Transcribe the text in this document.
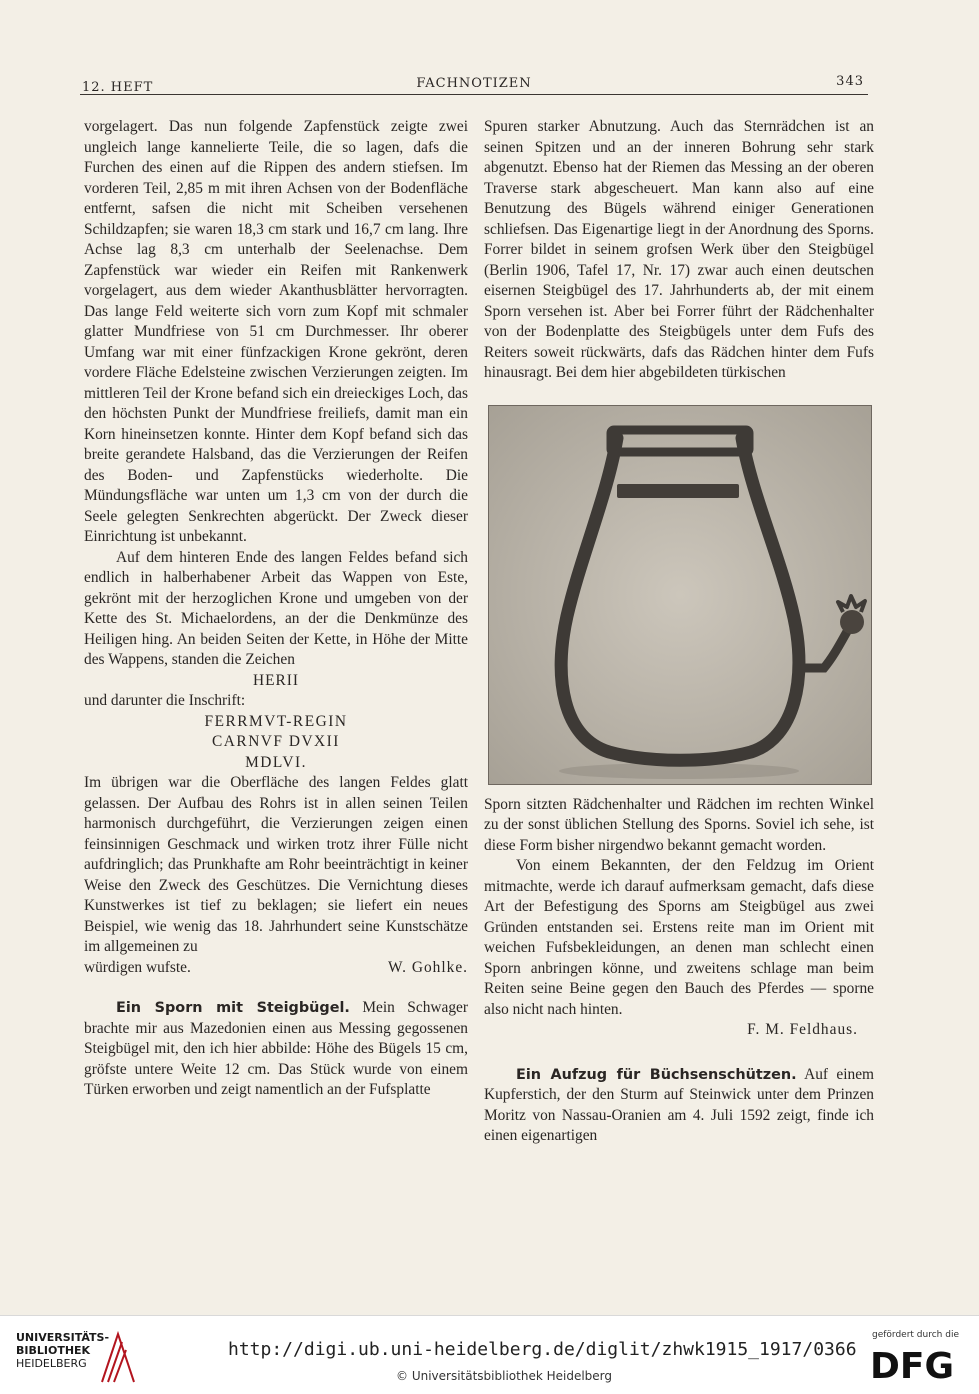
12. HEFT	FACHNOTIZEN	343

vorgelagert. Das nun folgende Zapfenstück zeigte zwei ungleich lange kannelierte Teile, die so lagen, dafs die Furchen des einen auf die Rippen des andern stiefsen. Im vorderen Teil, 2,85 m mit ihren Achsen von der Bodenfläche entfernt, safsen die nicht mit Scheiben versehenen Schildzapfen; sie waren 18,3 cm stark und 16,7 cm lang. Ihre Achse lag 8,3 cm unterhalb der Seelenachse. Dem Zapfenstück war wieder ein Reifen mit Rankenwerk vorgelagert, aus dem wieder Akanthusblätter hervorragten. Das lange Feld weiterte sich vorn zum Kopf mit schmaler glatter Mundfriese von 51 cm Durchmesser. Ihr oberer Umfang war mit einer fünfzackigen Krone gekrönt, deren vordere Fläche Edelsteine zwischen Verzierungen zeigten. Im mittleren Teil der Krone befand sich ein dreieckiges Loch, das den höchsten Punkt der Mundfriese freiliefs, damit man ein Korn hineinsetzen konnte. Hinter dem Kopf befand sich das breite gerandete Halsband, das die Verzierungen der Reifen des Boden- und Zapfenstücks wiederholte. Die Mündungsfläche war unten um 1,3 cm von der durch die Seele gelegten Senkrechten abgerückt. Der Zweck dieser Einrichtung ist unbekannt.

Auf dem hinteren Ende des langen Feldes befand sich endlich in halberhabener Arbeit das Wappen von Este, gekrönt mit der herzoglichen Krone und umgeben von der Kette des St. Michaelordens, an der die Denkmünze des Heiligen hing. An beiden Seiten der Kette, in Höhe der Mitte des Wappens, standen die Zeichen

HERII

und darunter die Inschrift:

FERRMVT-REGIN

CARNVF DVXII

MDLVI.

Im übrigen war die Oberfläche des langen Feldes glatt gelassen. Der Aufbau des Rohrs ist in allen seinen Teilen harmonisch durchgeführt, die Verzierungen zeigen einen feinsinnigen Geschmack und wirken trotz ihrer Fülle nicht aufdringlich; das Prunkhafte am Rohr beeinträchtigt in keiner Weise den Zweck des Geschützes. Die Vernichtung dieses Kunstwerkes ist tief zu beklagen; sie liefert ein neues Beispiel, wie wenig das 18. Jahrhundert seine Kunstschätze im allgemeinen zu

würdigen wufste.	W. Gohlke.

Ein Sporn mit Steigbügel. Mein Schwager brachte mir aus Mazedonien einen aus Messing gegossenen Steigbügel mit, den ich hier abbilde: Höhe des Bügels 15 cm, gröfste untere Weite 12 cm. Das Stück wurde von einem Türken erworben und zeigt namentlich an der Fufsplatte

Spuren starker Abnutzung. Auch das Sternrädchen ist an seinen Spitzen und an der inneren Bohrung sehr stark abgenutzt. Ebenso hat der Riemen das Messing an der oberen Traverse stark abgescheuert. Man kann also auf eine Benutzung des Bügels während einiger Generationen schliefsen. Das Eigenartige liegt in der Anordnung des Sporns. Forrer bildet in seinem grofsen Werk über den Steigbügel (Berlin 1906, Tafel 17, Nr. 17) zwar auch einen deutschen eisernen Steigbügel des 17. Jahrhunderts ab, der mit einem Sporn versehen ist. Aber bei Forrer führt der Rädchenhalter von der Bodenplatte des Steigbügels unter dem Fufs des Reiters soweit rückwärts, dafs das Rädchen hinter dem Fufs hinausragt. Bei dem hier abgebildeten türkischen

Sporn sitzten Rädchenhalter und Rädchen im rechten Winkel zu der sonst üblichen Stellung des Sporns. Soviel ich sehe, ist diese Form bisher nirgendwo bekannt gemacht worden.

Von einem Bekannten, der den Feldzug im Orient mitmachte, werde ich darauf aufmerksam gemacht, dafs diese Art der Befestigung des Sporns am Steigbügel aus zwei Gründen entstanden sei. Erstens reite man im Orient mit weichen Fufsbekleidungen, an denen man schlecht einen Sporn anbringen könne, und zweitens schlage man beim Reiten seine Beine gegen den Bauch des Pferdes — sporne also nicht nach hinten.

F. M. Feldhaus.

Ein Aufzug für Büchsenschützen. Auf einem Kupferstich, der den Sturm auf Steinwick unter dem Prinzen Moritz von Nassau-Oranien am 4. Juli 1592 zeigt, finde ich einen eigenartigen

UNIVERSITÄTS-
BIBLIOTHEK
HEIDELBERG
http://digi.ub.uni-heidelberg.de/diglit/zhwk1915_1917/0366
© Universitätsbibliothek Heidelberg
gefördert durch die
DFG
